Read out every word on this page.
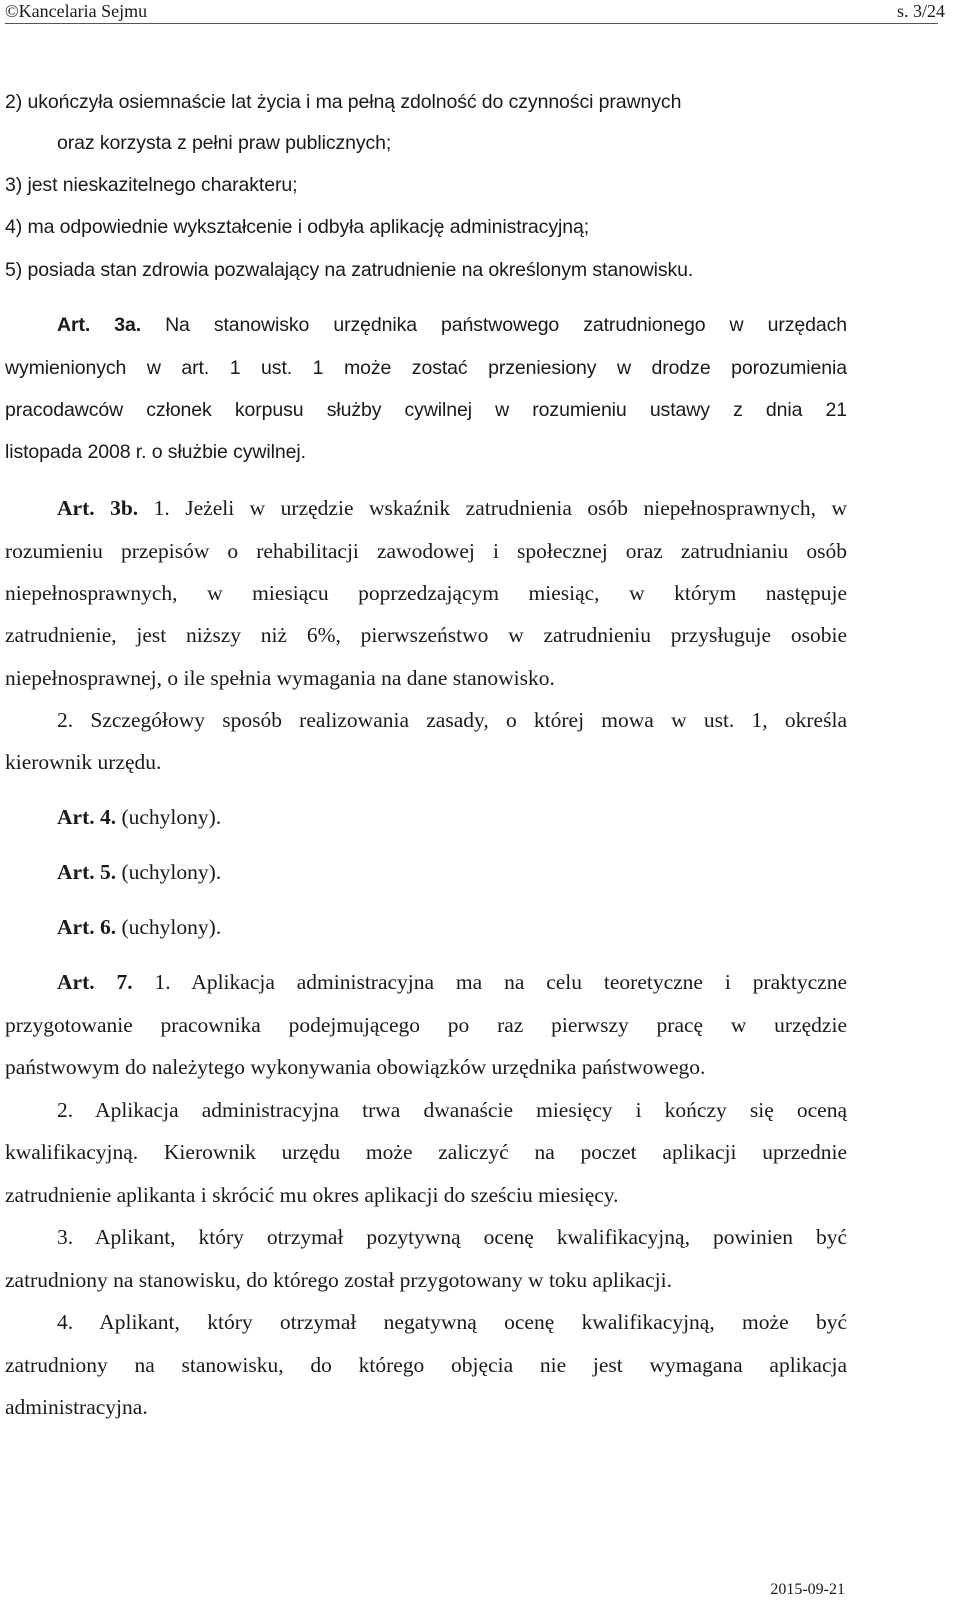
©Kancelaria Sejmu	s. 3/24
2) ukończyła osiemnaście lat życia i ma pełną zdolność do czynności prawnych
oraz korzysta z pełni praw publicznych;
3) jest nieskazitelnego charakteru;
4) ma odpowiednie wykształcenie i odbyła aplikację administracyjną;
5) posiada stan zdrowia pozwalający na zatrudnienie na określonym stanowisku.
Art. 3a. Na stanowisko urzędnika państwowego zatrudnionego w urzędach
wymienionych w art. 1 ust. 1 może zostać przeniesiony w drodze porozumienia
pracodawców członek korpusu służby cywilnej w rozumieniu ustawy z dnia 21
listopada 2008 r. o służbie cywilnej.
Art. 3b. 1. Jeżeli w urzędzie wskaźnik zatrudnienia osób niepełnosprawnych, w
rozumieniu przepisów o rehabilitacji zawodowej i społecznej oraz zatrudnianiu osób
niepełnosprawnych, w miesiącu poprzedzającym miesiąc, w którym następuje
zatrudnienie, jest niższy niż 6%, pierwszeństwo w zatrudnieniu przysługuje osobie
niepełnosprawnej, o ile spełnia wymagania na dane stanowisko.
2. Szczegółowy sposób realizowania zasady, o której mowa w ust. 1, określa
kierownik urzędu.
Art. 4. (uchylony).
Art. 5. (uchylony).
Art. 6. (uchylony).
Art. 7. 1. Aplikacja administracyjna ma na celu teoretyczne i praktyczne
przygotowanie pracownika podejmującego po raz pierwszy pracę w urzędzie
państwowym do należytego wykonywania obowiązków urzędnika państwowego.
2. Aplikacja administracyjna trwa dwanaście miesięcy i kończy się oceną
kwalifikacyjną. Kierownik urzędu może zaliczyć na poczet aplikacji uprzednie
zatrudnienie aplikanta i skrócić mu okres aplikacji do sześciu miesięcy.
3. Aplikant, który otrzymał pozytywną ocenę kwalifikacyjną, powinien być
zatrudniony na stanowisku, do którego został przygotowany w toku aplikacji.
4. Aplikant, który otrzymał negatywną ocenę kwalifikacyjną, może być
zatrudniony na stanowisku, do którego objęcia nie jest wymagana aplikacja
administracyjna.
2015-09-21
